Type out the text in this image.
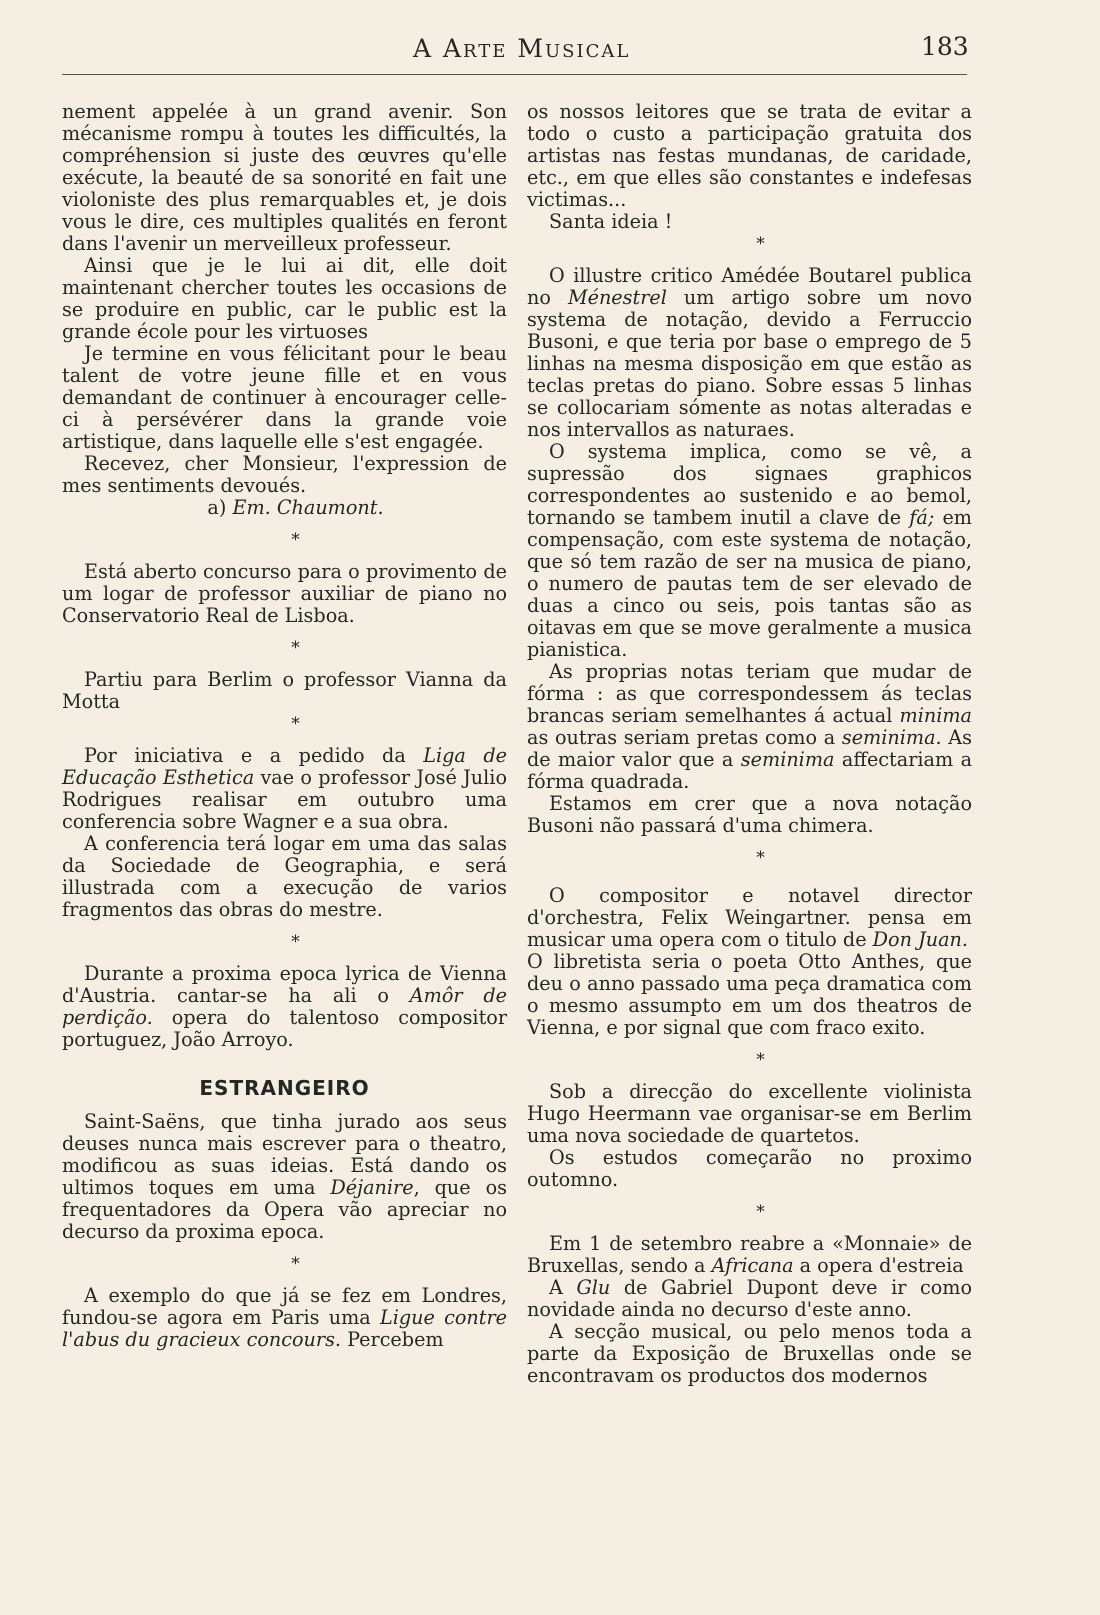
A Arte Musical	183

nement appelée à un grand avenir. Son mécanisme rompu à toutes les difficultés, la compréhension si juste des œuvres qu'elle exécute, la beauté de sa sonorité en fait une violoniste des plus remarquables et, je dois vous le dire, ces multiples qualités en feront dans l'avenir un merveilleux professeur.

Ainsi que je le lui ai dit, elle doit maintenant chercher toutes les occasions de se produire en public, car le public est la grande école pour les virtuoses

Je termine en vous félicitant pour le beau talent de votre jeune fille et en vous demandant de continuer à encourager celle-ci à persévérer dans la grande voie artistique, dans laquelle elle s'est engagée.

Recevez, cher Monsieur, l'expression de mes sentiments devoués.

a) Em. Chaumont.

*

Está aberto concurso para o provimento de um logar de professor auxiliar de piano no Conservatorio Real de Lisboa.

*

Partiu para Berlim o professor Vianna da Motta

*

Por iniciativa e a pedido da Liga de Educação Esthetica vae o professor José Julio Rodrigues realisar em outubro uma conferencia sobre Wagner e a sua obra.

A conferencia terá logar em uma das salas da Sociedade de Geographia, e será illustrada com a execução de varios fragmentos das obras do mestre.

*

Durante a proxima epoca lyrica de Vienna d'Austria. cantar-se ha ali o Amôr de perdição. opera do talentoso compositor portuguez, João Arroyo.

ESTRANGEIRO

Saint-Saëns, que tinha jurado aos seus deuses nunca mais escrever para o theatro, modificou as suas ideias. Está dando os ultimos toques em uma Déjanire, que os frequentadores da Opera vão apreciar no decurso da proxima epoca.

*

A exemplo do que já se fez em Londres, fundou-se agora em Paris uma Ligue contre l'abus du gracieux concours. Percebem

os nossos leitores que se trata de evitar a todo o custo a participação gratuita dos artistas nas festas mundanas, de caridade, etc., em que elles são constantes e indefesas victimas...

Santa ideia !

*

O illustre critico Amédée Boutarel publica no Ménestrel um artigo sobre um novo systema de notação, devido a Ferruccio Busoni, e que teria por base o emprego de 5 linhas na mesma disposição em que estão as teclas pretas do piano. Sobre essas 5 linhas se collocariam sómente as notas alteradas e nos intervallos as naturaes.

O systema implica, como se vê, a supressão dos signaes graphicos correspondentes ao sustenido e ao bemol, tornando se tambem inutil a clave de fá; em compensação, com este systema de notação, que só tem razão de ser na musica de piano, o numero de pautas tem de ser elevado de duas a cinco ou seis, pois tantas são as oitavas em que se move geralmente a musica pianistica.

As proprias notas teriam que mudar de fórma : as que correspondessem ás teclas brancas seriam semelhantes á actual minima as outras seriam pretas como a seminima. As de maior valor que a seminima affectariam a fórma quadrada.

Estamos em crer que a nova notação Busoni não passará d'uma chimera.

*

O compositor e notavel director d'orchestra, Felix Weingartner. pensa em musicar uma opera com o titulo de Don Juan.

O libretista seria o poeta Otto Anthes, que deu o anno passado uma peça dramatica com o mesmo assumpto em um dos theatros de Vienna, e por signal que com fraco exito.

*

Sob a direcção do excellente violinista Hugo Heermann vae organisar-se em Berlim uma nova sociedade de quartetos.

Os estudos começarão no proximo outomno.

*

Em 1 de setembro reabre a «Monnaie» de Bruxellas, sendo a Africana a opera d'estreia

A Glu de Gabriel Dupont deve ir como novidade ainda no decurso d'este anno.

A secção musical, ou pelo menos toda a parte da Exposição de Bruxellas onde se encontravam os productos dos modernos
